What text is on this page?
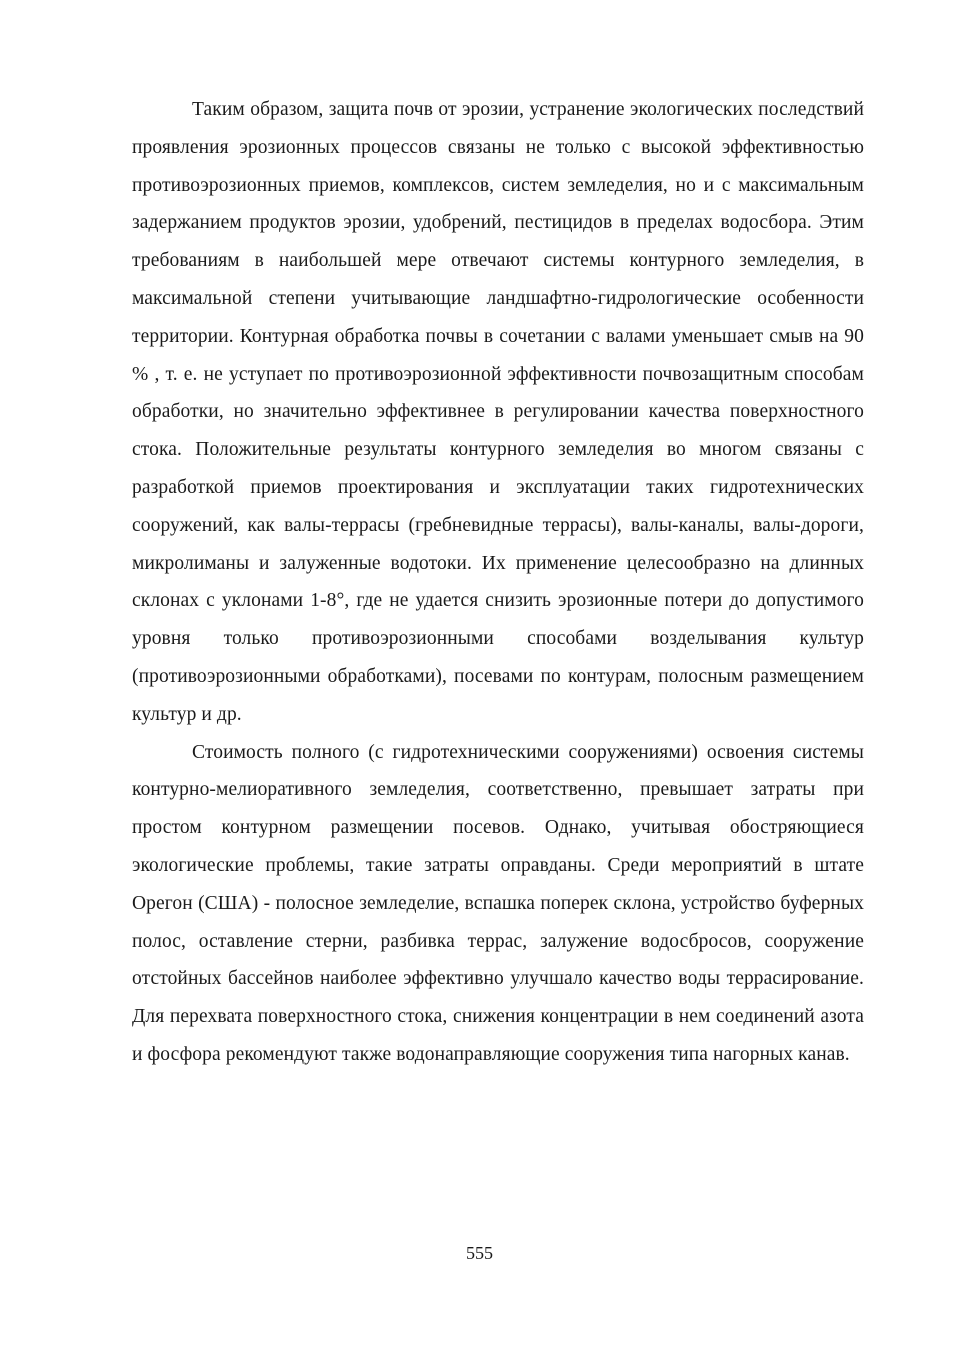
Таким образом, защита почв от эрозии, устранение экологических последствий проявления эрозионных процессов связаны не только с высокой эффективностью противоэрозионных приемов, комплексов, систем земледелия, но и с максимальным задержанием продуктов эрозии, удобрений, пестицидов в пределах водосбора. Этим требованиям в наибольшей мере отвечают системы контурного земледелия, в максимальной степени учитывающие ландшафтно-гидрологические особенности территории. Контурная обработка почвы в сочетании с валами уменьшает смыв на 90 % , т. е. не уступает по противоэрозионной эффективности почвозащитным способам обработки, но значительно эффективнее в регулировании качества поверхностного стока. Положительные результаты контурного земледелия во многом связаны с разработкой приемов проектирования и эксплуатации таких гидротехнических сооружений, как валы-террасы (гребневидные террасы), валы-каналы, валы-дороги, микролиманы и залуженные водотоки. Их применение целесообразно на длинных склонах с уклонами 1-8°, где не удается снизить эрозионные потери до допустимого уровня только противоэрозионными способами возделывания культур (противоэрозионными обработками), посевами по контурам, полосным размещением культур и др.

Стоимость полного (с гидротехническими сооружениями) освоения системы контурно-мелиоративного земледелия, соответственно, превышает затраты при простом контурном размещении посевов. Однако, учитывая обостряющиеся экологические проблемы, такие затраты оправданы. Среди мероприятий в штате Орегон (США) - полосное земледелие, вспашка поперек склона, устройство буферных полос, оставление стерни, разбивка террас, залужение водосбросов, сооружение отстойных бассейнов наиболее эффективно улучшало качество воды террасирование. Для перехвата поверхностного стока, снижения концентрации в нем соединений азота и фосфора рекомендуют также водонаправляющие сооружения типа нагорных канав.

555
